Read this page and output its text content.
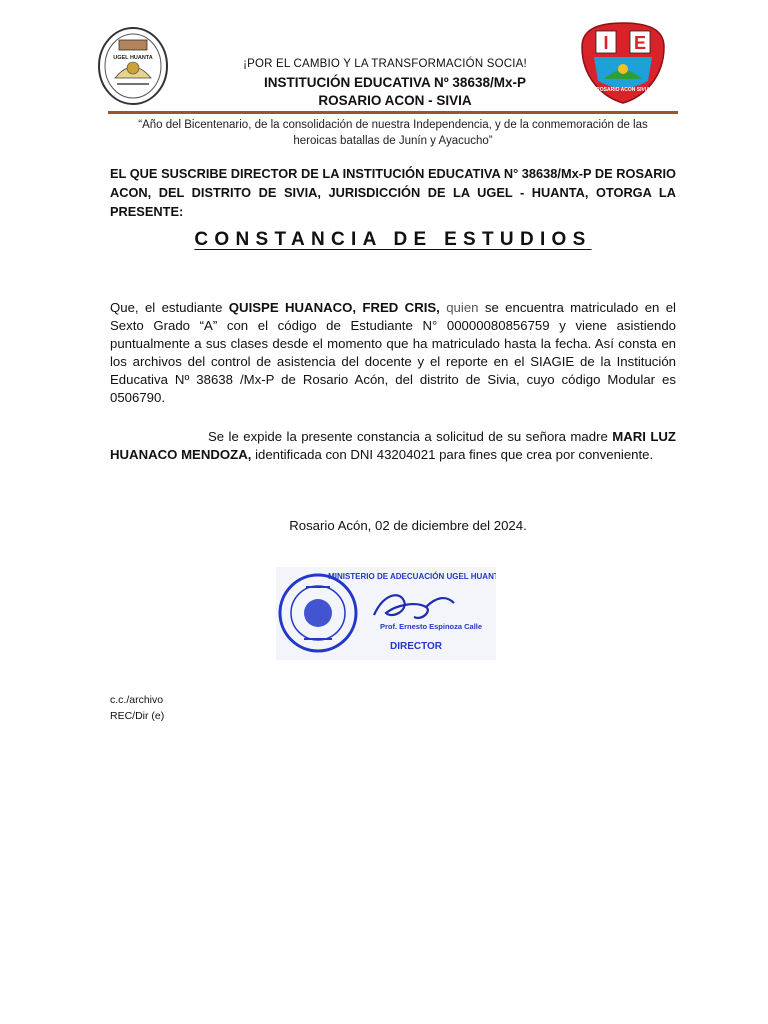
UGEL HUANTA	¡POR EL CAMBIO Y LA TRANSFORMACIÓN SOCIA!
INSTITUCIÓN EDUCATIVA Nº 38638/Mx-P
ROSARIO ACON - SIVIA
I E
ROSARIO ACON SIVIA
“Año del Bicentenario, de la consolidación de nuestra Independencia, y de la conmemoración de las heroicas batallas de Junín y Ayacucho”
EL QUE SUSCRIBE DIRECTOR DE LA INSTITUCIÓN EDUCATIVA N° 38638/Mx-P DE ROSARIO ACON, DEL DISTRITO DE SIVIA, JURISDICCIÓN DE LA UGEL - HUANTA, OTORGA LA PRESENTE:
CONSTANCIA DE ESTUDIOS
Que, el estudiante QUISPE HUANACO, FRED CRIS, quien se encuentra matriculado en el Sexto Grado “A” con el código de Estudiante N° 00000080856759 y viene asistiendo puntualmente a sus clases desde el momento que ha matriculado hasta la fecha. Así consta en los archivos del control de asistencia del docente y el reporte en el SIAGIE de la Institución Educativa Nº 38638 /Mx-P de Rosario Acón, del distrito de Sivia, cuyo código Modular es 0506790.
Se le expide la presente constancia a solicitud de su señora madre MARI LUZ HUANACO MENDOZA, identificada con DNI 43204021 para fines que crea por conveniente.
Rosario Acón, 02 de diciembre del 2024.
MINISTERIO DE ADECUACIÓN UGEL HUANTA
Prof. Ernesto Espinoza Calle
DIRECTOR
c.c./archivo
REC/Dir (e)
